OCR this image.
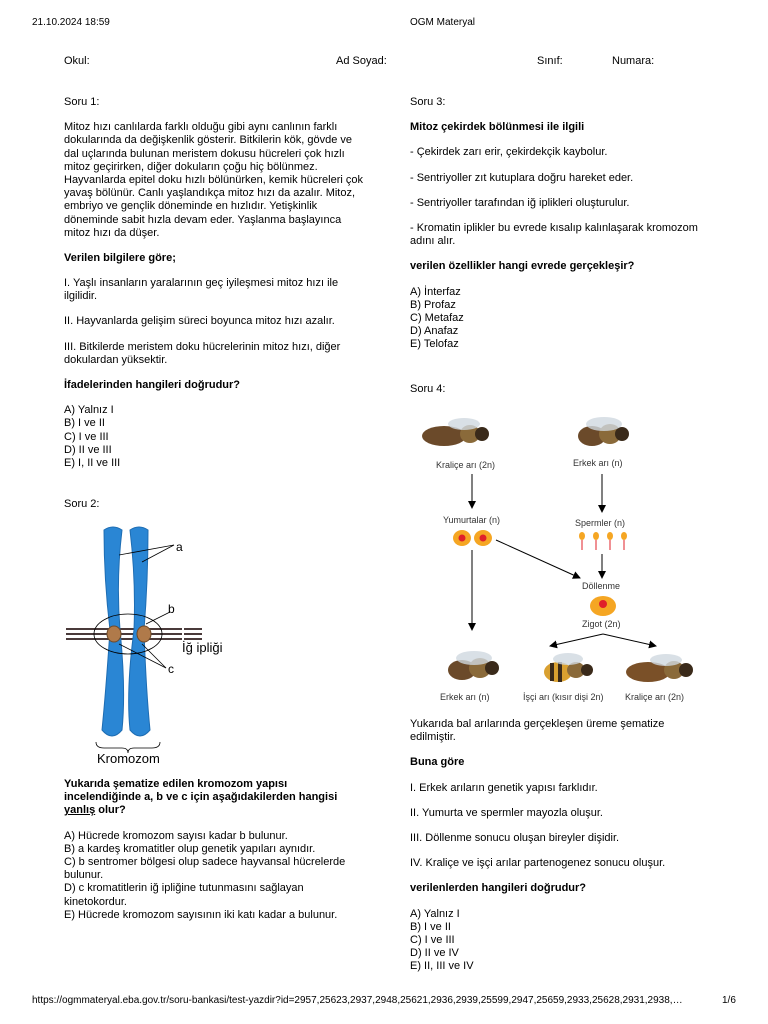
21.10.2024 18:59	OGM Materyal
Okul:	Ad Soyad:	Sınıf:	Numara:

Soru 1:

Mitoz hızı canlılarda farklı olduğu gibi aynı canlının farklı dokularında da değişkenlik gösterir. Bitkilerin kök, gövde ve dal uçlarında bulunan meristem dokusu hücreleri çok hızlı mitoz geçirirken, diğer dokuların çoğu hiç bölünmez. Hayvanlarda epitel doku hızlı bölünürken, kemik hücreleri çok yavaş bölünür. Canlı yaşlandıkça mitoz hızı da azalır. Mitoz, embriyo ve gençlik döneminde en hızlıdır. Yetişkinlik döneminde sabit hızla devam eder. Yaşlanma başlayınca mitoz hızı da düşer.

Verilen bilgilere göre;

I. Yaşlı insanların yaralarının geç iyileşmesi mitoz hızı ile ilgilidir.

II. Hayvanlarda gelişim süreci boyunca mitoz hızı azalır.

III. Bitkilerde meristem doku hücrelerinin mitoz hızı, diğer dokulardan yüksektir.

İfadelerinden hangileri doğrudur?

A) Yalnız I
B) I ve II
C) I ve III
D) II ve III
E) I, II ve III
Soru 2:
a
b
c
İğ ipliği
Kromozom

Yukarıda şematize edilen kromozom yapısı incelendiğinde a, b ve c için aşağıdakilerden hangisi yanlış olur?

A) Hücrede kromozom sayısı kadar b bulunur.
B) a kardeş kromatitler olup genetik yapıları aynıdır.
C) b sentromer bölgesi olup sadece hayvansal hücrelerde bulunur.
D) c kromatitlerin iğ ipliğine tutunmasını sağlayan kinetokordur.
E) Hücrede kromozom sayısının iki katı kadar a bulunur.

Soru 3:

Mitoz çekirdek bölünmesi ile ilgili

- Çekirdek zarı erir, çekirdekçik kaybolur.

- Sentriyoller zıt kutuplara doğru hareket eder.

- Sentriyoller tarafından iğ iplikleri oluşturulur.

- Kromatin iplikler bu evrede kısalıp kalınlaşarak kromozom adını alır.

verilen özellikler hangi evrede gerçekleşir?

A) İnterfaz
B) Profaz
C) Metafaz
D) Anafaz
E) Telofaz
Soru 4:
Kraliçe arı (2n)	Erkek arı (n)
Yumurtalar (n)	Spermler (n)
Döllenme
Zigot (2n)
Erkek arı (n)	İşçi arı (kısır dişi 2n) Kraliçe arı (2n)

Yukarıda bal arılarında gerçekleşen üreme şematize edilmiştir.

Buna göre

I. Erkek arıların genetik yapısı farklıdır.

II. Yumurta ve spermler mayozla oluşur.

III. Döllenme sonucu oluşan bireyler dişidir.

IV. Kraliçe ve işçi arılar partenogenez sonucu oluşur.

verilenlerden hangileri doğrudur?

A) Yalnız I
B) I ve II
C) I ve III
D) II ve IV
E) II, III ve IV
https://ogmmateryal.eba.gov.tr/soru-bankasi/test-yazdir?id=2957,25623,2937,2948,25621,2936,2939,25599,2947,25659,2933,25628,2931,2938,…	1/6
